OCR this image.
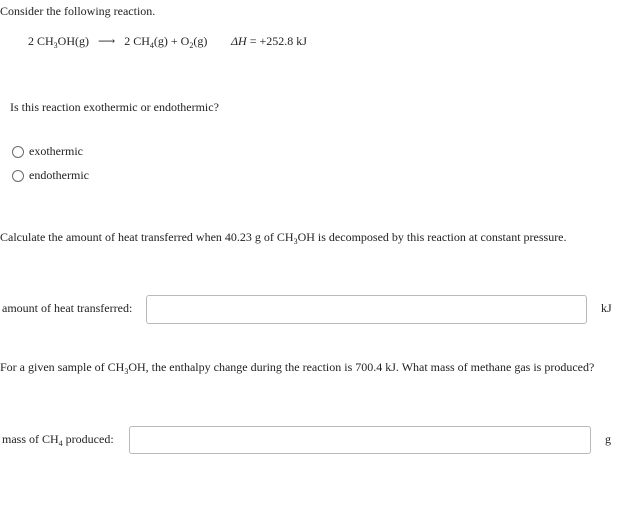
Consider the following reaction.
2 $CH_3OH(g)$ ⟶ 2 $CH_4(g) + O_2(g) \Delta H = +252.8$ kJ
Is this reaction exothermic or endothermic?
exothermic
endothermic
Calculate the amount of heat transferred when 40.23 g of $CH_3OH$ is decomposed by this reaction at constant pressure.
amount of heat transferred:	kJ
For a given sample of $CH_3OH$, the enthalpy change during the reaction is 700.4 kJ. What mass of methane gas is produced?
mass of $CH_4$ produced:	g
